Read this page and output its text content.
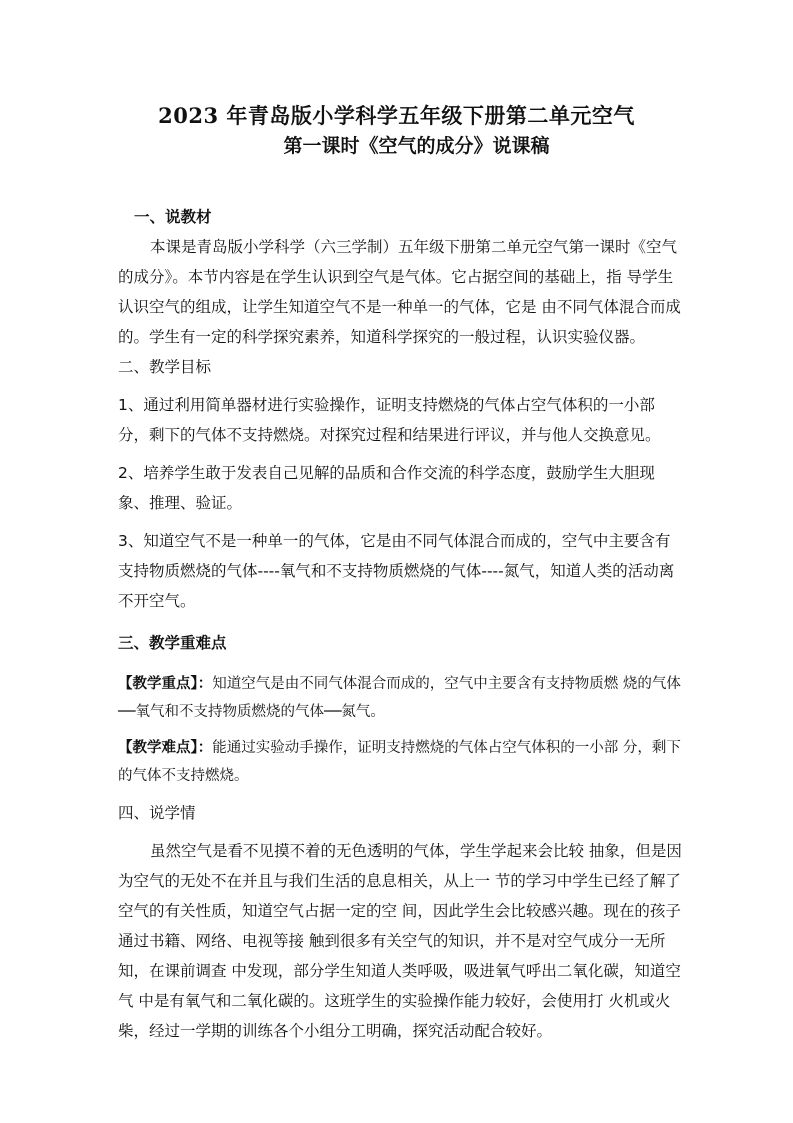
2023 年青岛版小学科学五年级下册第二单元空气
第一课时《空气的成分》说课稿

一、说教材

本课是青岛版小学科学（六三学制）五年级下册第二单元空气第一课时《空气的成分》。本节内容是在学生认识到空气是气体。它占据空间的基础上，指 导学生认识空气的组成，让学生知道空气不是一种单一的气体，它是 由不同气体混合而成的。学生有一定的科学探究素养，知道科学探究的一般过程，认识实验仪器。

二、教学目标

1、通过利用简单器材进行实验操作，证明支持燃烧的气体占空气体积的一小部分，剩下的气体不支持燃烧。对探究过程和结果进行评议，并与他人交换意见。

2、培养学生敢于发表自己见解的品质和合作交流的科学态度，鼓励学生大胆现象、推理、验证。

3、知道空气不是一种单一的气体，它是由不同气体混合而成的，空气中主要含有支持物质燃烧的气体----氧气和不支持物质燃烧的气体----氮气，知道人类的活动离不开空气。

三、教学重难点

【教学重点】：知道空气是由不同气体混合而成的，空气中主要含有支持物质燃 烧的气体──氧气和不支持物质燃烧的气体──氮气。

【教学难点】：能通过实验动手操作，证明支持燃烧的气体占空气体积的一小部 分，剩下的气体不支持燃烧。

四、说学情

虽然空气是看不见摸不着的无色透明的气体，学生学起来会比较 抽象，但是因为空气的无处不在并且与我们生活的息息相关，从上一 节的学习中学生已经了解了空气的有关性质，知道空气占据一定的空 间，因此学生会比较感兴趣。现在的孩子通过书籍、网络、电视等接 触到很多有关空气的知识，并不是对空气成分一无所知，在课前调查 中发现，部分学生知道人类呼吸，吸进氧气呼出二氧化碳，知道空气 中是有氧气和二氧化碳的。这班学生的实验操作能力较好，会使用打 火机或火柴，经过一学期的训练各个小组分工明确，探究活动配合较好。
